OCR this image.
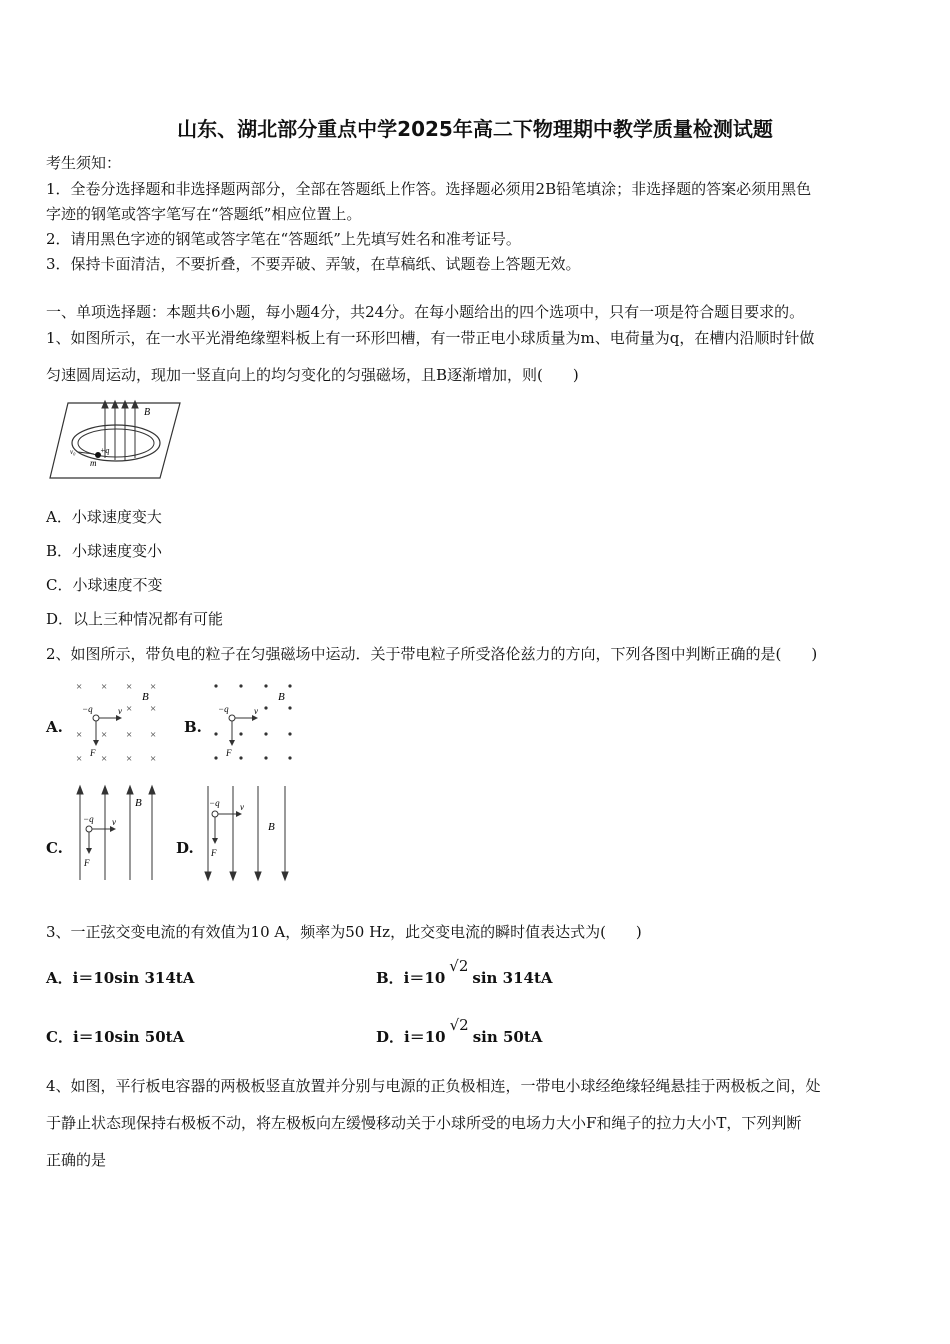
山东、湖北部分重点中学2025年高二下物理期中教学质量检测试题
考生须知：
1．全卷分选择题和非选择题两部分，全部在答题纸上作答。选择题必须用2B铅笔填涂；非选择题的答案必须用黑色
字迹的钢笔或答字笔写在“答题纸”相应位置上。
2．请用黑色字迹的钢笔或答字笔在“答题纸”上先填写姓名和准考证号。
3．保持卡面清洁，不要折叠，不要弄破、弄皱，在草稿纸、试题卷上答题无效。
一、单项选择题：本题共6小题，每小题4分，共24分。在每小题给出的四个选项中，只有一项是符合题目要求的。
1、如图所示，在一水平光滑绝缘塑料板上有一环形凹槽，有一带正电小球质量为m、电荷量为q，在槽内沿顺时针做
匀速圆周运动，现加一竖直向上的均匀变化的匀强磁场，且B逐渐增加，则(　　)
B
+q
m
v₀
A．小球速度变大
B．小球速度变小
C．小球速度不变
D．以上三种情况都有可能
2、如图所示，带负电的粒子在匀强磁场中运动．关于带电粒子所受洛伦兹力的方向，下列各图中判断正确的是(　　)
A.
× × × ×
× ×
× × × ×
× × × ×
B
−q	v
F
B.
B
−q	v
F
C.
B
−q v
F
D.
B
−q v
F
3、一正弦交变电流的有效值为10 A，频率为50 Hz，此交变电流的瞬时值表达式为(　　)
A．i＝10sin 314tA	B．i＝10√2sin 314tA
C．i＝10sin 50tA	D．i＝10√2sin 50tA
4、如图，平行板电容器的两极板竖直放置并分别与电源的正负极相连，一带电小球经绝缘轻绳悬挂于两极板之间，处
于静止状态现保持右极板不动，将左极板向左缓慢移动关于小球所受的电场力大小F和绳子的拉力大小T，下列判断
正确的是
